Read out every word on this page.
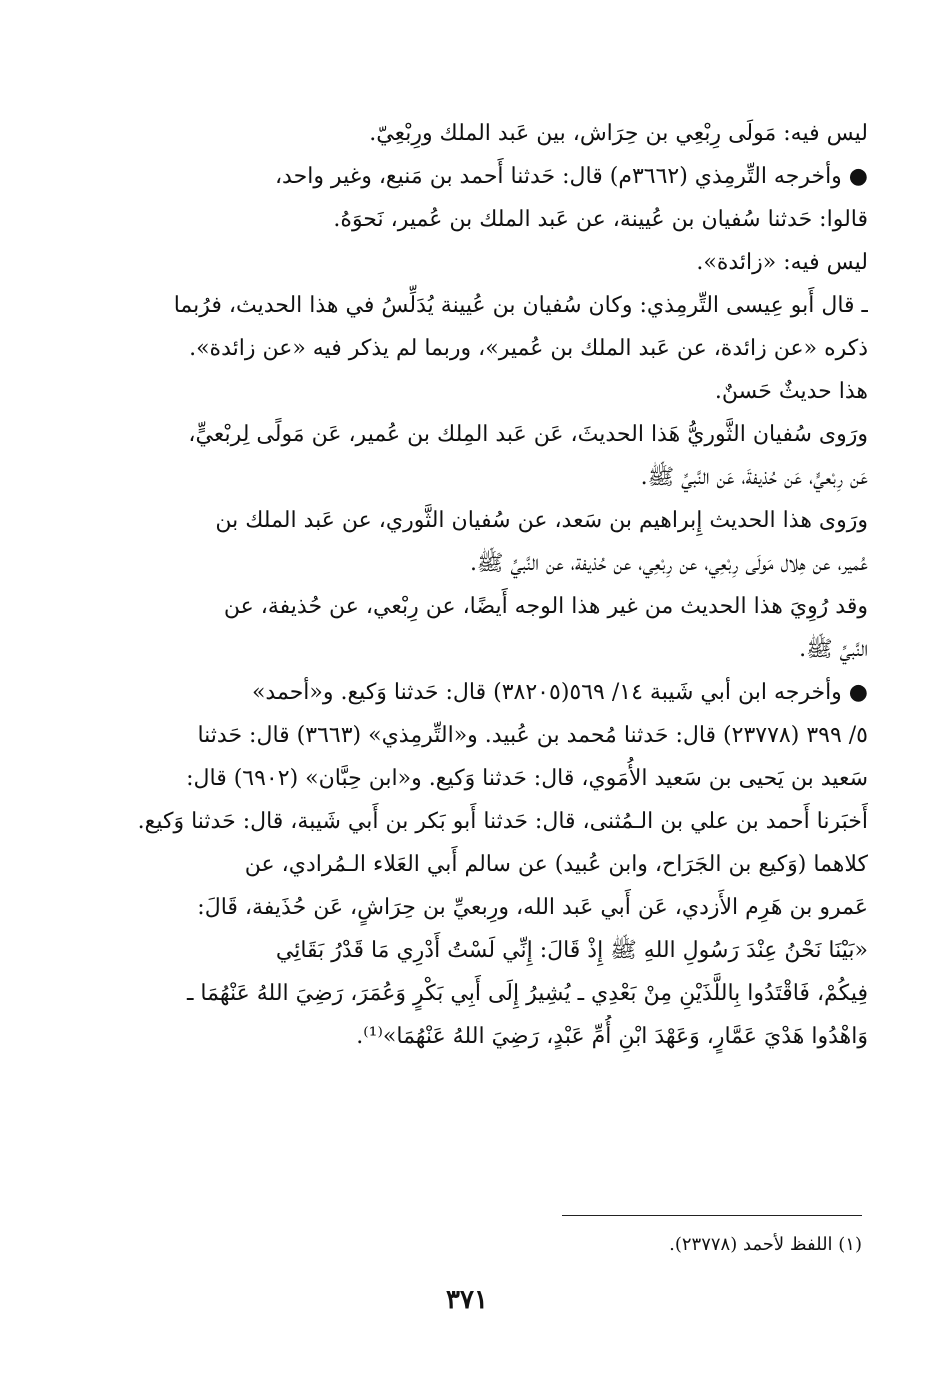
ليس فيه: مَولَى رِبْعِي بن حِرَاش، بين عَبد الملك ورِبْعِيّ.
● وأخرجه التِّرمِذي (٣٦٦٢م) قال: حَدثنا أَحمد بن مَنيع، وغير واحد،
قالوا: حَدثنا سُفيان بن عُيينة، عن عَبد الملك بن عُمير، نَحوَهُ.
ليس فيه: «زائدة».
ـ قال أَبو عِيسى التِّرمِذي: وكان سُفيان بن عُيينة يُدَلِّسُ في هذا الحديث، فرُبما
ذكره «عن زائدة، عن عَبد الملك بن عُمير»، وربما لم يذكر فيه «عن زائدة».
هذا حديثٌ حَسنٌ.
ورَوى سُفيان الثَّوريُّ هَذا الحديثَ، عَن عَبد المِلك بن عُمير، عَن مَولًى لِربْعيٍّ،
عَن رِبْعيٍّ، عَن حُذيفةَ، عَن النَّبيِّ ﷺ.
ورَوى هذا الحديث إِبراهيم بن سَعد، عن سُفيان الثَّوري، عن عَبد الملك بن
عُمير، عن هِلال مَولَى رِبْعِي، عن رِبْعِي، عن حُذيفة، عن النَّبيِّ ﷺ.
وقد رُوِيَ هذا الحديث من غير هذا الوجه أَيضًا، عن رِبْعي، عن حُذيفة، عن
النَّبيِّ ﷺ.
● وأخرجه ابن أبي شَيبة ١٤/ ٥٦٩(٣٨٢٠٥) قال: حَدثنا وَكيع. و«أحمد»
٥/ ٣٩٩ (٢٣٧٧٨) قال: حَدثنا مُحمد بن عُبيد. و«التِّرمِذي» (٣٦٦٣) قال: حَدثنا
سَعيد بن يَحيى بن سَعيد الأُمَوي، قال: حَدثنا وَكيع. و«ابن حِبَّان» (٦٩٠٢) قال:
أَخبَرنا أَحمد بن علي بن الـمُثنى، قال: حَدثنا أَبو بَكر بن أَبي شَيبة، قال: حَدثنا وَكيع.
كلاهما (وَكيع بن الجَرَاح، وابن عُبيد) عن سالم أَبي العَلاء الـمُرادي، عن
عَمرو بن هَرِم الأَزدي، عَن أَبي عَبد الله، ورِبعيِّ بن حِرَاشٍ، عَن حُذَيفة، قَالَ:
«بَيْنَا نَحْنُ عِنْدَ رَسُولِ اللهِ ﷺ إِذْ قَالَ: إِنِّي لَسْتُ أَدْرِي مَا قَدْرُ بَقَائِي
فِيكُمْ، فَاقْتَدُوا بِاللَّذَيْنِ مِنْ بَعْدِي ـ يُشِيرُ إِلَى أَبِي بَكْرٍ وَعُمَرَ، رَضِيَ اللهُ عَنْهُمَا ـ
وَاهْدُوا هَدْيَ عَمَّارٍ، وَعَهْدَ ابْنِ أُمِّ عَبْدٍ، رَضِيَ اللهُ عَنْهُمَا»⁽¹⁾.
(١) اللفظ لأحمد (٢٣٧٧٨).
٣٧١
